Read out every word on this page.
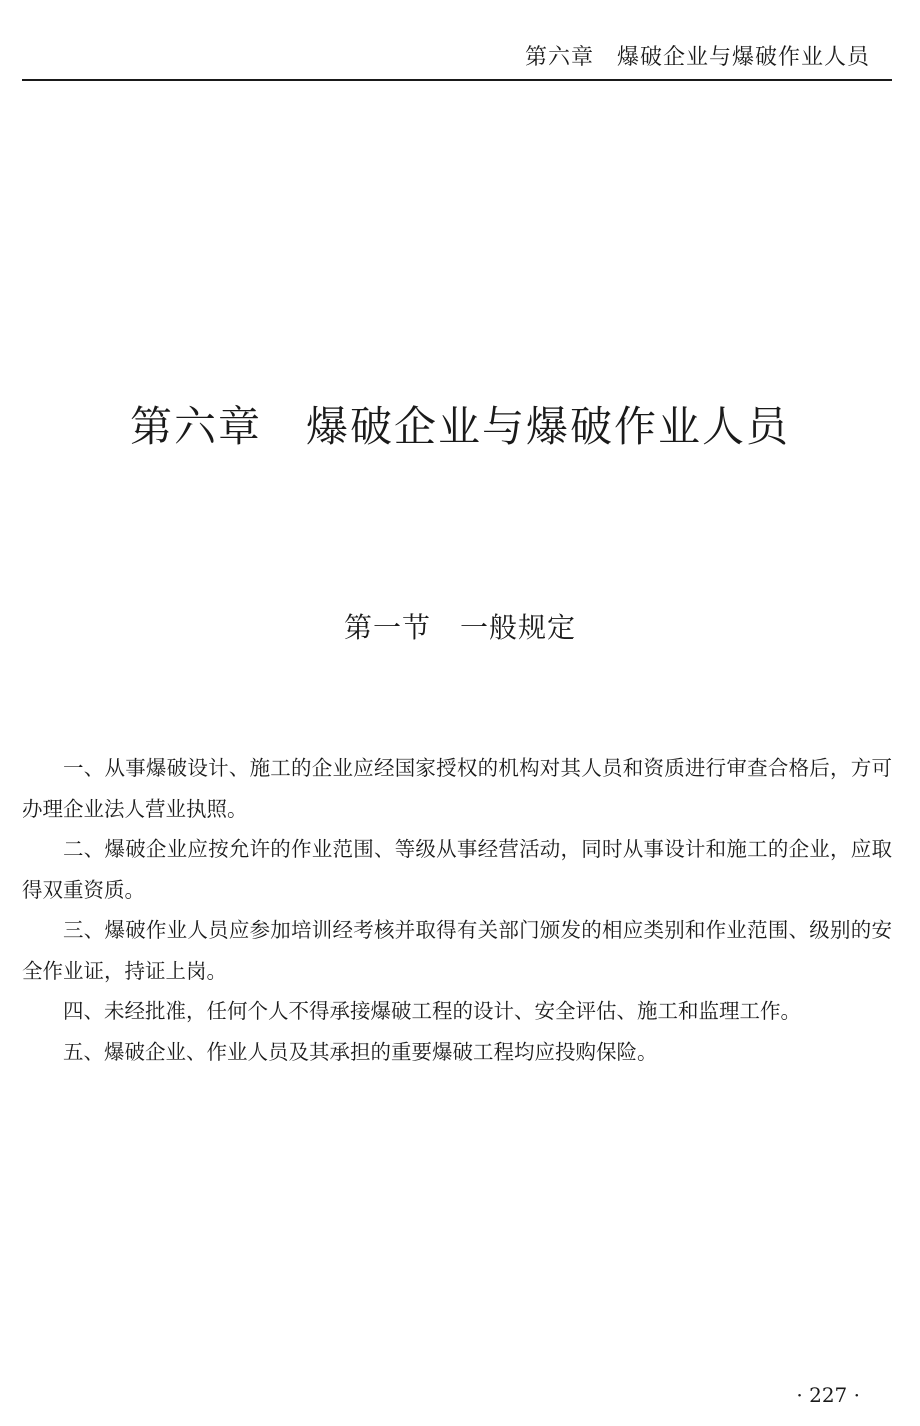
第六章　爆破企业与爆破作业人员
第六章　爆破企业与爆破作业人员
第一节　一般规定

一、从事爆破设计、施工的企业应经国家授权的机构对其人员和资质进行审查合格后，方可办理企业法人营业执照。

二、爆破企业应按允许的作业范围、等级从事经营活动，同时从事设计和施工的企业，应取得双重资质。

三、爆破作业人员应参加培训经考核并取得有关部门颁发的相应类别和作业范围、级别的安全作业证，持证上岗。

四、未经批准，任何个人不得承接爆破工程的设计、安全评估、施工和监理工作。

五、爆破企业、作业人员及其承担的重要爆破工程均应投购保险。

· 227 ·
